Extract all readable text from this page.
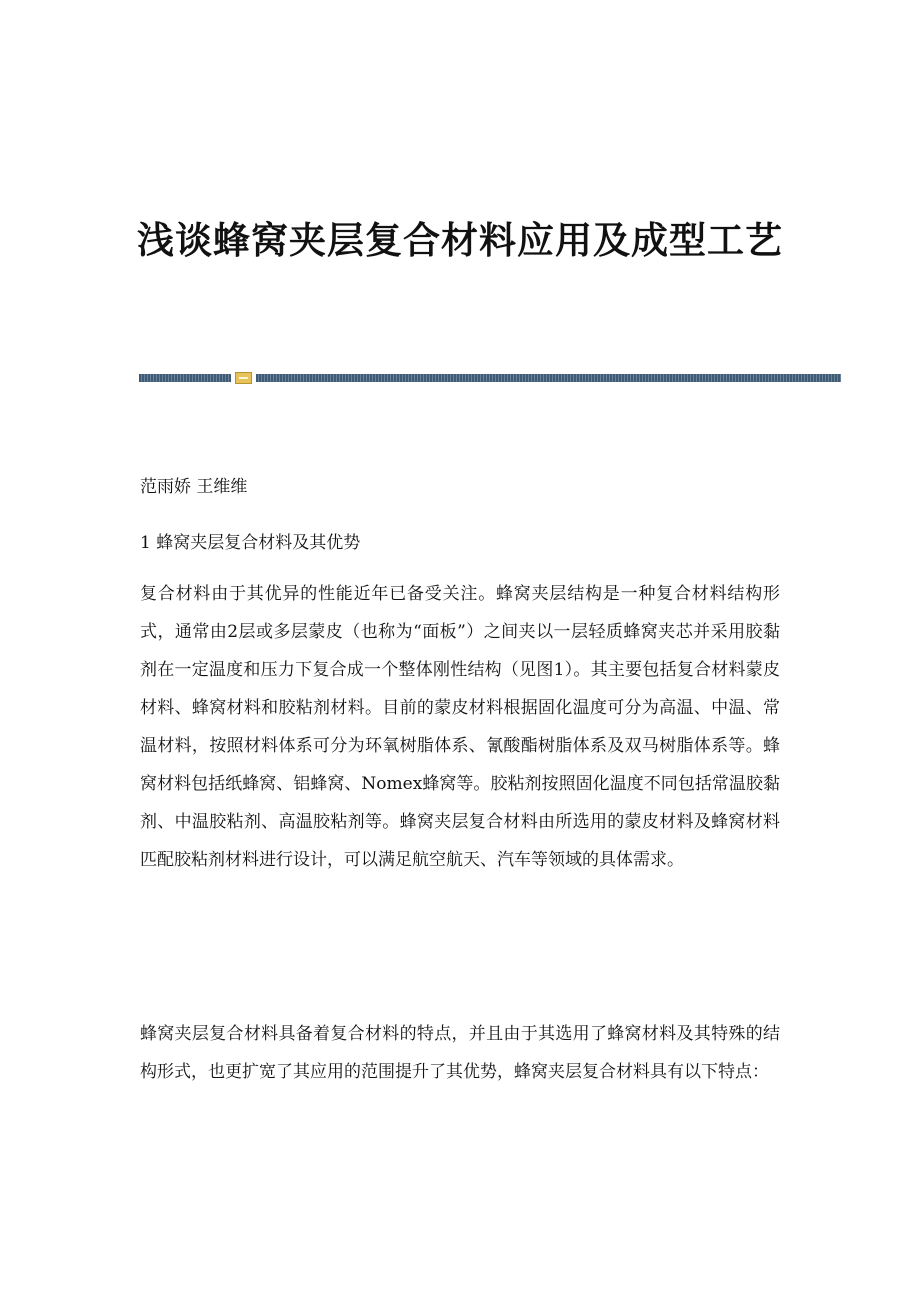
浅谈蜂窝夹层复合材料应用及成型工艺
范雨娇 王维维
1 蜂窝夹层复合材料及其优势

复合材料由于其优异的性能近年已备受关注。蜂窝夹层结构是一种复合材料结构形式，通常由2层或多层蒙皮（也称为“面板”）之间夹以一层轻质蜂窝夹芯并采用胶黏剂在一定温度和压力下复合成一个整体刚性结构（见图1）。其主要包括复合材料蒙皮材料、蜂窝材料和胶粘剂材料。目前的蒙皮材料根据固化温度可分为高温、中温、常温材料，按照材料体系可分为环氧树脂体系、氰酸酯树脂体系及双马树脂体系等。蜂窝材料包括纸蜂窝、铝蜂窝、Nomex蜂窝等。胶粘剂按照固化温度不同包括常温胶黏剂、中温胶粘剂、高温胶粘剂等。蜂窝夹层复合材料由所选用的蒙皮材料及蜂窝材料匹配胶粘剂材料进行设计，可以满足航空航天、汽车等领域的具体需求。

蜂窝夹层复合材料具备着复合材料的特点，并且由于其选用了蜂窝材料及其特殊的结构形式，也更扩宽了其应用的范围提升了其优势，蜂窝夹层复合材料具有以下特点：
